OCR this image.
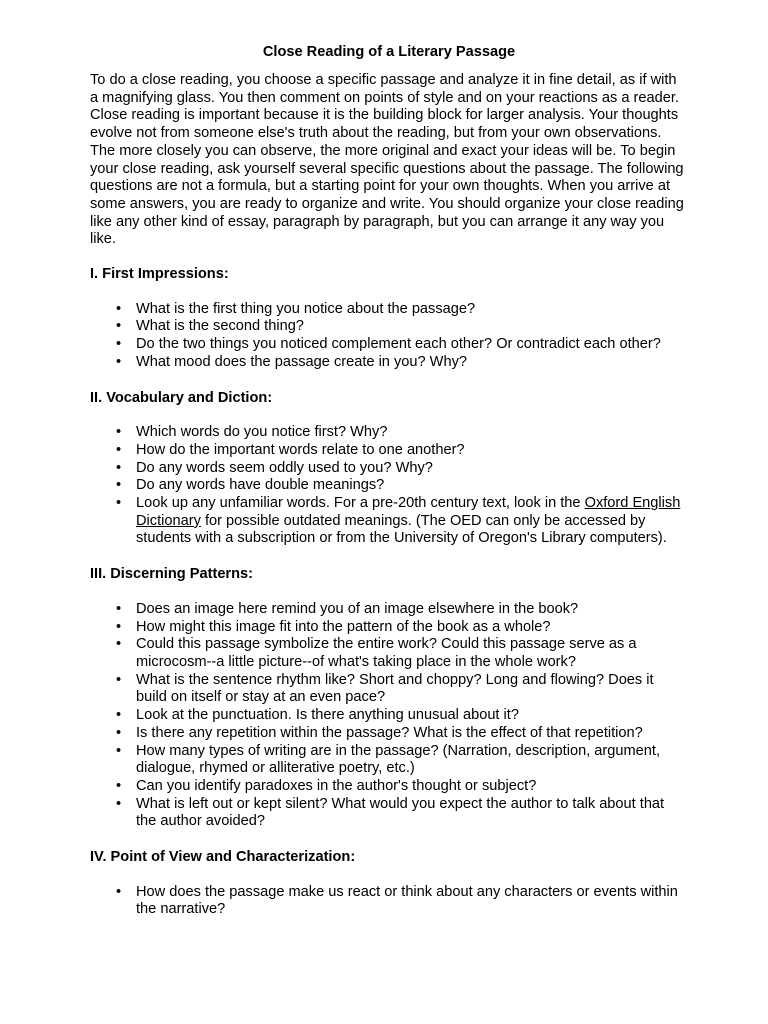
Close Reading of a Literary Passage
To do a close reading, you choose a specific passage and analyze it in fine detail, as if with a magnifying glass. You then comment on points of style and on your reactions as a reader. Close reading is important because it is the building block for larger analysis. Your thoughts evolve not from someone else's truth about the reading, but from your own observations. The more closely you can observe, the more original and exact your ideas will be. To begin your close reading, ask yourself several specific questions about the passage. The following questions are not a formula, but a starting point for your own thoughts. When you arrive at some answers, you are ready to organize and write. You should organize your close reading like any other kind of essay, paragraph by paragraph, but you can arrange it any way you like.
I. First Impressions:
• What is the first thing you notice about the passage?
• What is the second thing?
• Do the two things you noticed complement each other? Or contradict each other?
• What mood does the passage create in you? Why?
II. Vocabulary and Diction:
• Which words do you notice first? Why?
• How do the important words relate to one another?
• Do any words seem oddly used to you? Why?
• Do any words have double meanings?
• Look up any unfamiliar words. For a pre-20th century text, look in the Oxford English Dictionary for possible outdated meanings. (The OED can only be accessed by students with a subscription or from the University of Oregon's Library computers).
III. Discerning Patterns:
• Does an image here remind you of an image elsewhere in the book?
• How might this image fit into the pattern of the book as a whole?
• Could this passage symbolize the entire work? Could this passage serve as a microcosm--a little picture--of what's taking place in the whole work?
• What is the sentence rhythm like? Short and choppy? Long and flowing? Does it build on itself or stay at an even pace?
• Look at the punctuation. Is there anything unusual about it?
• Is there any repetition within the passage? What is the effect of that repetition?
• How many types of writing are in the passage? (Narration, description, argument, dialogue, rhymed or alliterative poetry, etc.)
• Can you identify paradoxes in the author's thought or subject?
• What is left out or kept silent? What would you expect the author to talk about that the author avoided?
IV. Point of View and Characterization:
• How does the passage make us react or think about any characters or events within the narrative?
